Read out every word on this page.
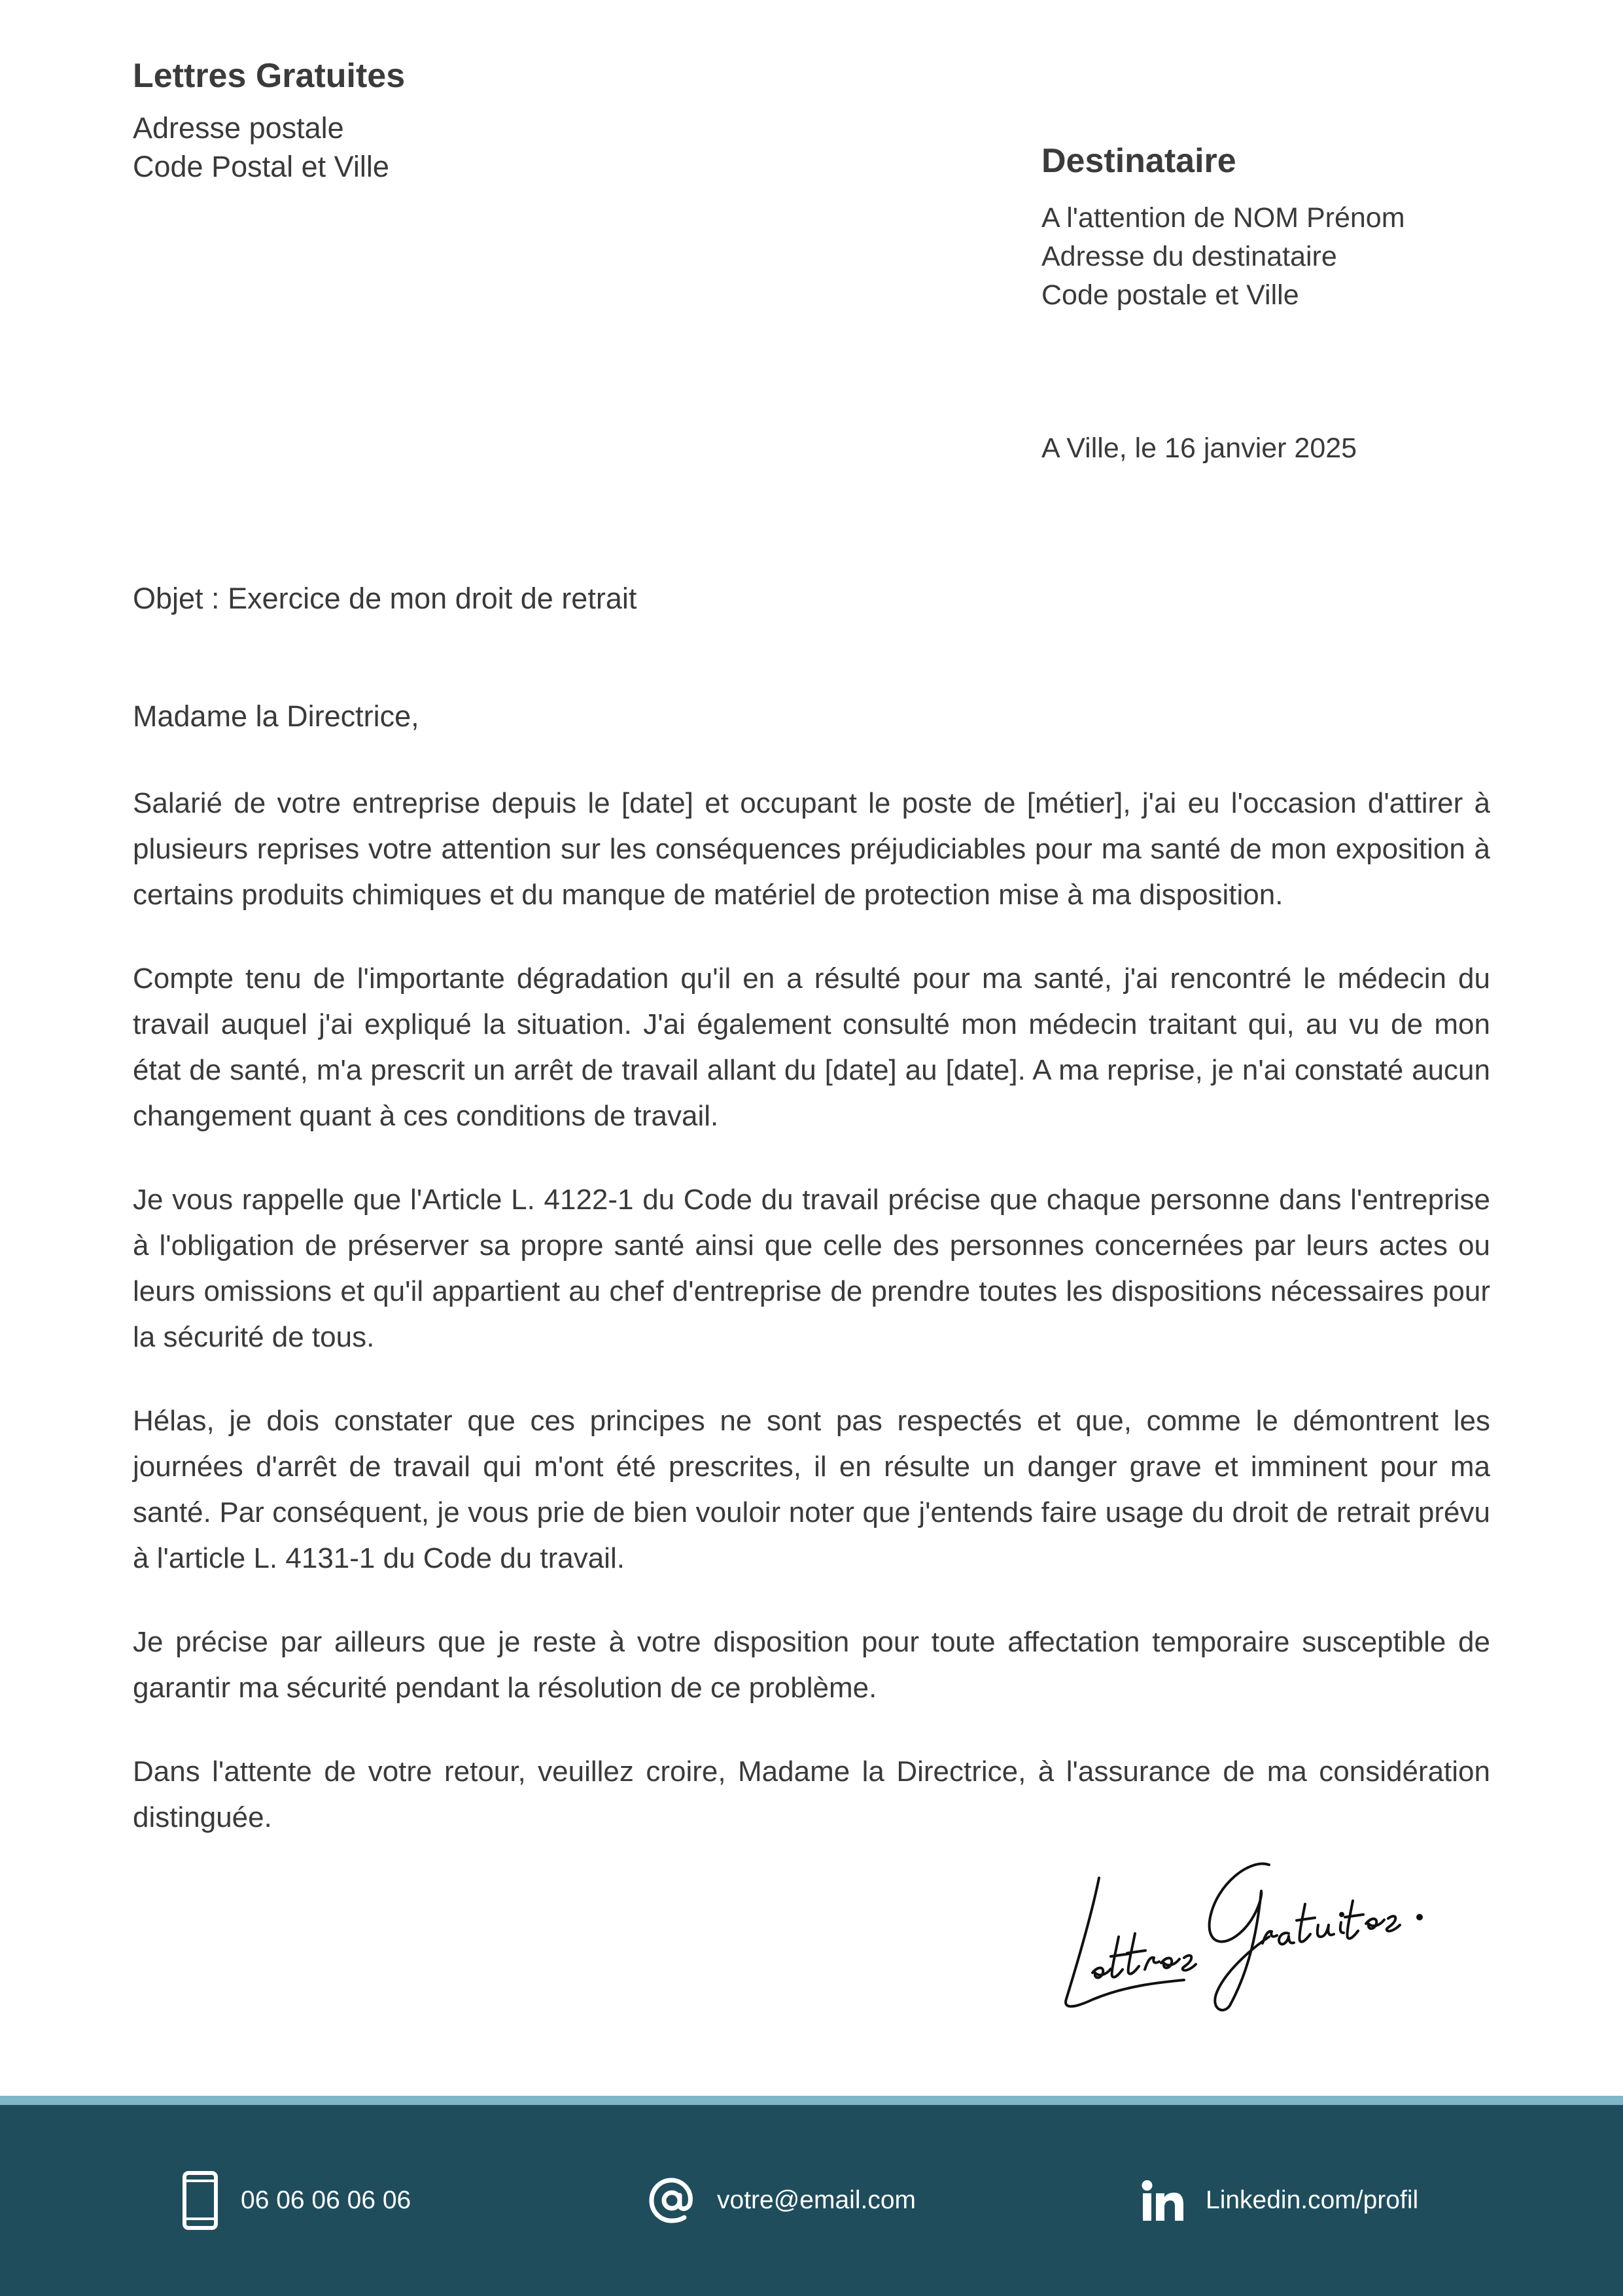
Lettres Gratuites
Adresse postale
Code Postal et Ville	Destinataire
A l'attention de NOM Prénom
Adresse du destinataire
Code postale et Ville
A Ville, le 16 janvier 2025
Objet : Exercice de mon droit de retrait
Madame la Directrice,

Salarié de votre entreprise depuis le [date] et occupant le poste de [métier], j'ai eu l'occasion d'attirer à plusieurs reprises votre attention sur les conséquences préjudiciables pour ma santé de mon exposition à certains produits chimiques et du manque de matériel de protection mise à ma disposition.

Compte tenu de l'importante dégradation qu'il en a résulté pour ma santé, j'ai rencontré le médecin du travail auquel j'ai expliqué la situation. J'ai également consulté mon médecin traitant qui, au vu de mon état de santé, m'a prescrit un arrêt de travail allant du [date] au [date]. A ma reprise, je n'ai constaté aucun changement quant à ces conditions de travail.

Je vous rappelle que l'Article L. 4122-1 du Code du travail précise que chaque personne dans l'entreprise à l'obligation de préserver sa propre santé ainsi que celle des personnes concernées par leurs actes ou leurs omissions et qu'il appartient au chef d'entreprise de prendre toutes les dispositions nécessaires pour la sécurité de tous.

Hélas, je dois constater que ces principes ne sont pas respectés et que, comme le démontrent les journées d'arrêt de travail qui m'ont été prescrites, il en résulte un danger grave et imminent pour ma santé. Par conséquent, je vous prie de bien vouloir noter que j'entends faire usage du droit de retrait prévu à l'article L. 4131-1 du Code du travail.

Je précise par ailleurs que je reste à votre disposition pour toute affectation temporaire susceptible de garantir ma sécurité pendant la résolution de ce problème.

Dans l'attente de votre retour, veuillez croire, Madame la Directrice, à l'assurance de ma considération distinguée.

06 06 06 06 06	votre@email.com	Linkedin.com/profil
